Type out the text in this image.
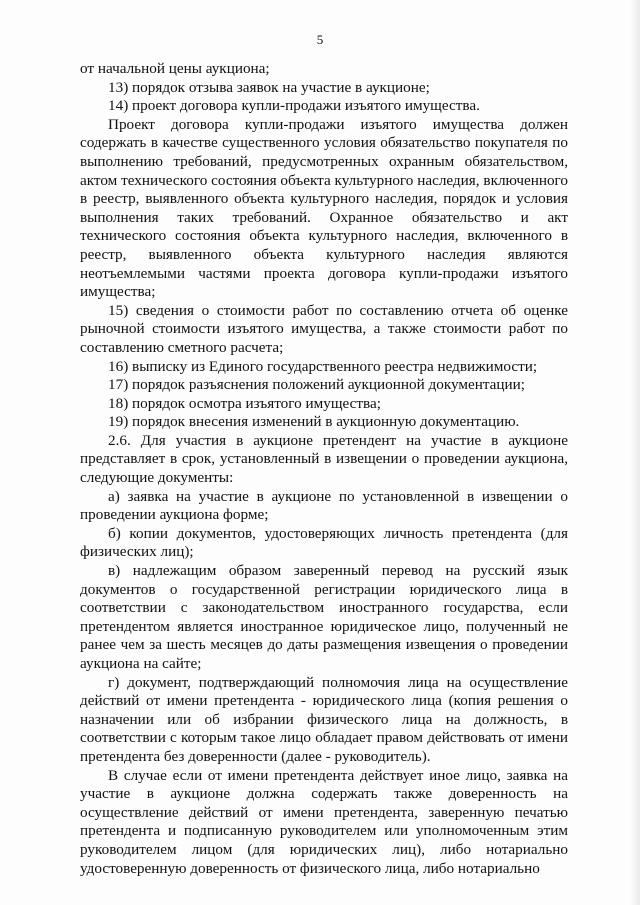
5

от начальной цены аукциона;

13) порядок отзыва заявок на участие в аукционе;

14) проект договора купли-продажи изъятого имущества.

Проект договора купли-продажи изъятого имущества должен содержать в качестве существенного условия обязательство покупателя по выполнению требований, предусмотренных охранным обязательством, актом технического состояния объекта культурного наследия, включенного в реестр, выявленного объекта культурного наследия, порядок и условия выполнения таких требований. Охранное обязательство и акт технического состояния объекта культурного наследия, включенного в реестр, выявленного объекта культурного наследия являются неотъемлемыми частями проекта договора купли-продажи изъятого имущества;

15) сведения о стоимости работ по составлению отчета об оценке рыночной стоимости изъятого имущества, а также стоимости работ по составлению сметного расчета;

16) выписку из Единого государственного реестра недвижимости;

17) порядок разъяснения положений аукционной документации;

18) порядок осмотра изъятого имущества;

19) порядок внесения изменений в аукционную документацию.

2.6. Для участия в аукционе претендент на участие в аукционе представляет в срок, установленный в извещении о проведении аукциона, следующие документы:

а) заявка на участие в аукционе по установленной в извещении о проведении аукциона форме;

б) копии документов, удостоверяющих личность претендента (для физических лиц);

в) надлежащим образом заверенный перевод на русский язык документов о государственной регистрации юридического лица в соответствии с законодательством иностранного государства, если претендентом является иностранное юридическое лицо, полученный не ранее чем за шесть месяцев до даты размещения извещения о проведении аукциона на сайте;

г) документ, подтверждающий полномочия лица на осуществление действий от имени претендента - юридического лица (копия решения о назначении или об избрании физического лица на должность, в соответствии с которым такое лицо обладает правом действовать от имени претендента без доверенности (далее - руководитель).

В случае если от имени претендента действует иное лицо, заявка на участие в аукционе должна содержать также доверенность на осуществление действий от имени претендента, заверенную печатью претендента и подписанную руководителем или уполномоченным этим руководителем лицом (для юридических лиц), либо нотариально удостоверенную доверенность от физического лица, либо нотариально
